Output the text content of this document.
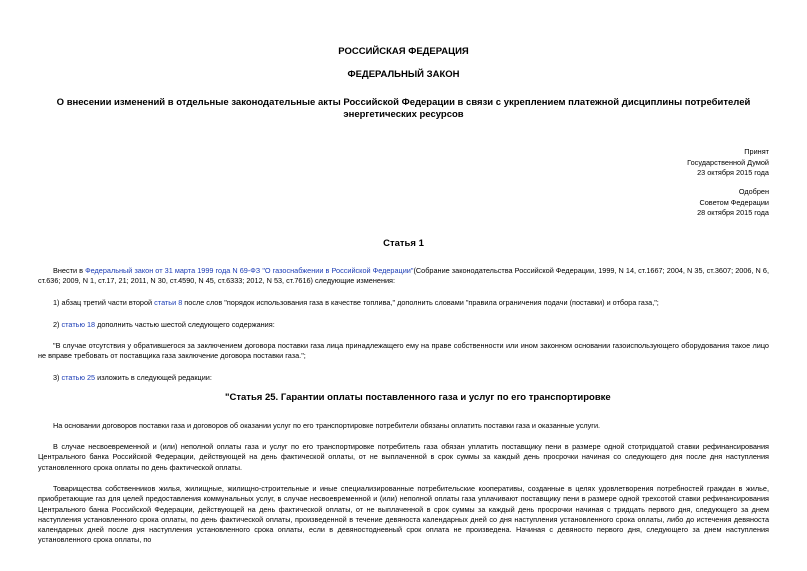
РОССИЙСКАЯ ФЕДЕРАЦИЯ
ФЕДЕРАЛЬНЫЙ ЗАКОН
О внесении изменений в отдельные законодательные акты Российской Федерации в связи с укреплением платежной дисциплины потребителей энергетических ресурсов
Принят
Государственной Думой
23 октября 2015 года
Одобрен
Советом Федерации
28 октября 2015 года
Статья 1
Внести в Федеральный закон от 31 марта 1999 года N 69-ФЗ "О газоснабжении в Российской Федерации"(Собрание законодательства Российской Федерации, 1999, N 14, ст.1667; 2004, N 35, ст.3607; 2006, N 6, ст.636; 2009, N 1, ст.17, 21; 2011, N 30, ст.4590, N 45, ст.6333; 2012, N 53, ст.7616) следующие изменения:
1) абзац третий части второй статьи 8 после слов "порядок использования газа в качестве топлива," дополнить словами "правила ограничения подачи (поставки) и отбора газа,";
2) статью 18 дополнить частью шестой следующего содержания:
"В случае отсутствия у обратившегося за заключением договора поставки газа лица принадлежащего ему на праве собственности или ином законном основании газоиспользующего оборудования такое лицо не вправе требовать от поставщика газа заключение договора поставки газа.";
3) статью 25 изложить в следующей редакции:
"Статья 25. Гарантии оплаты поставленного газа и услуг по его транспортировке
На основании договоров поставки газа и договоров об оказании услуг по его транспортировке потребители обязаны оплатить поставки газа и оказанные услуги.
В случае несвоевременной и (или) неполной оплаты газа и услуг по его транспортировке потребитель газа обязан уплатить поставщику пени в размере одной стотридцатой ставки рефинансирования Центрального банка Российской Федерации, действующей на день фактической оплаты, от не выплаченной в срок суммы за каждый день просрочки начиная со следующего дня после дня наступления установленного срока оплаты по день фактической оплаты.
Товарищества собственников жилья, жилищные, жилищно-строительные и иные специализированные потребительские кооперативы, созданные в целях удовлетворения потребностей граждан в жилье, приобретающие газ для целей предоставления коммунальных услуг, в случае несвоевременной и (или) неполной оплаты газа уплачивают поставщику пени в размере одной трехсотой ставки рефинансирования Центрального банка Российской Федерации, действующей на день фактической оплаты, от не выплаченной в срок суммы за каждый день просрочки начиная с тридцать первого дня, следующего за днем наступления установленного срока оплаты, по день фактической оплаты, произведенной в течение девяноста календарных дней со дня наступления установленного срока оплаты, либо до истечения девяноста календарных дней после дня наступления установленного срока оплаты, если в девяностодневный срок оплата не произведена. Начиная с девяносто первого дня, следующего за днем наступления установленного срока оплаты, по
